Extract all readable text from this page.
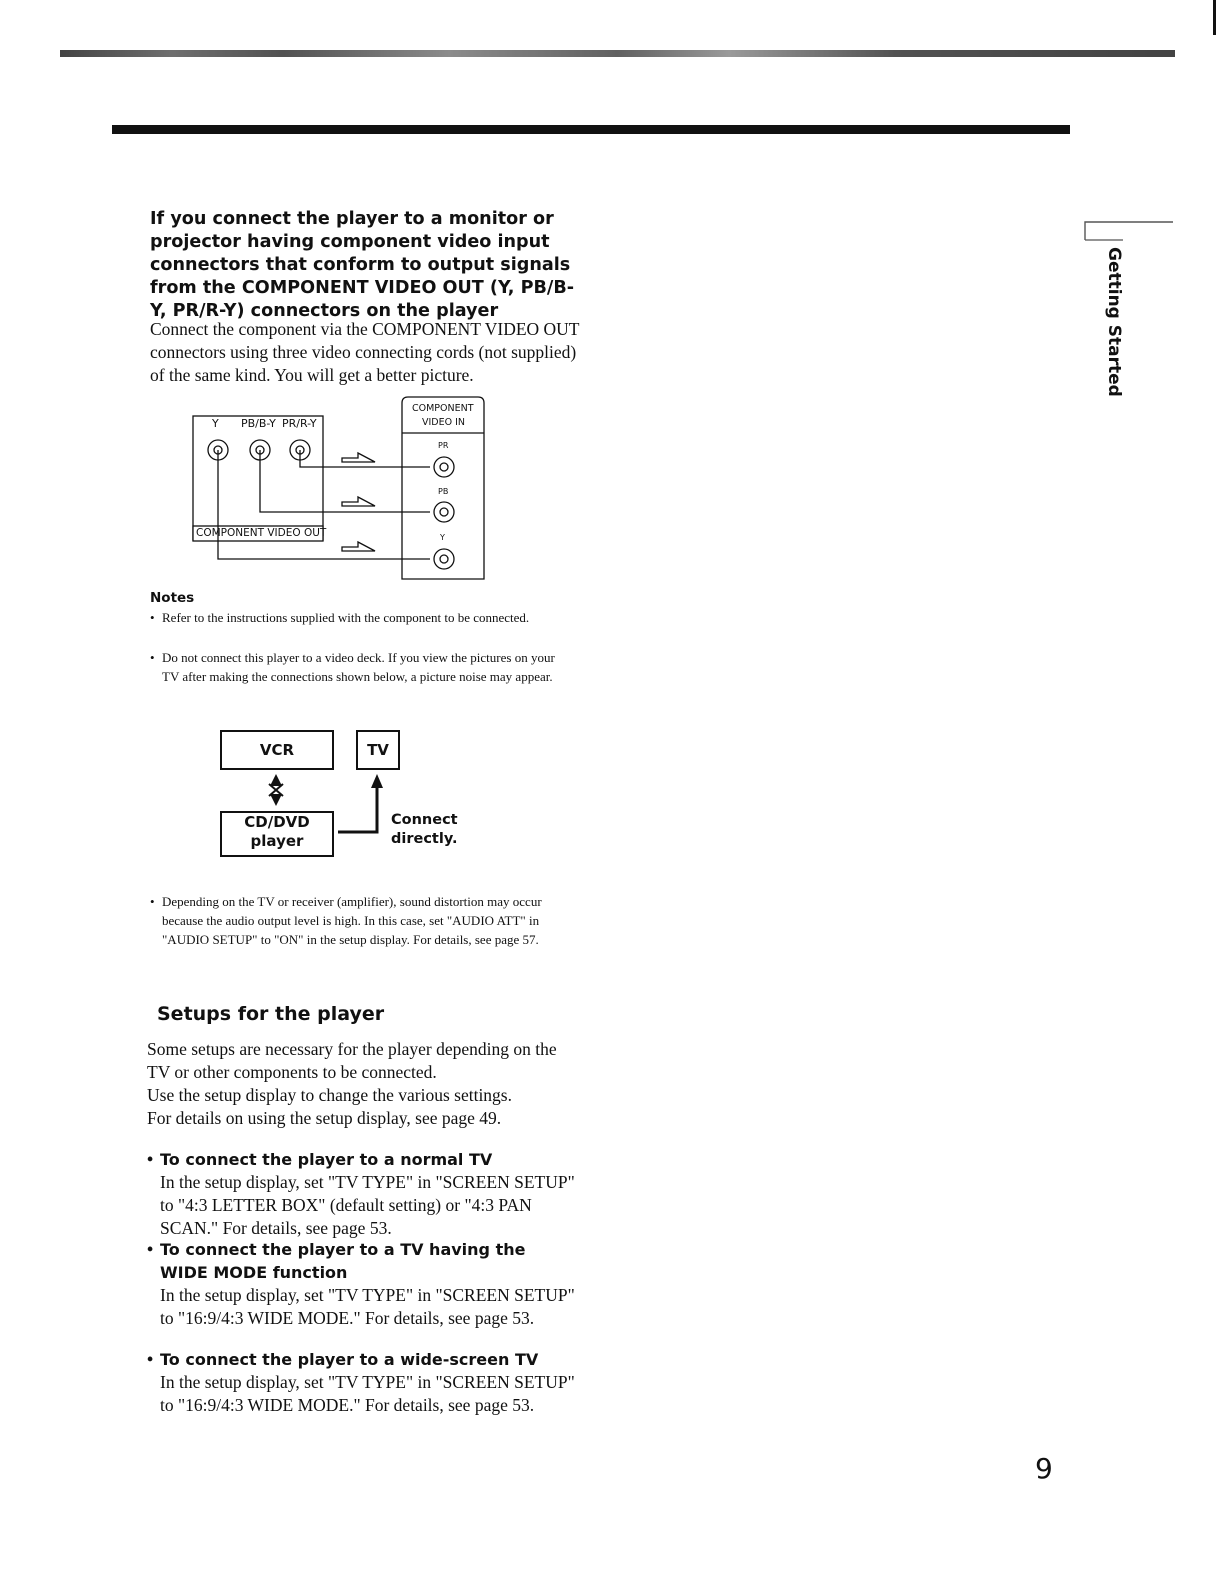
Getting Started
If you connect the player to a monitor or projector having component video input connectors that conform to output signals from the COMPONENT VIDEO OUT (Y, PB/B-Y, PR/R-Y) connectors on the player
Connect the component via the COMPONENT VIDEO OUT connectors using three video connecting cords (not supplied) of the same kind. You will get a better picture.
Y PB/B-Y PR/R-Y
COMPONENT VIDEO OUT
COMPONENT
VIDEO IN
PR
PB
Y
Notes
• Refer to the instructions supplied with the component to be connected.
• Do not connect this player to a video deck. If you view the pictures on your TV after making the connections shown below, a picture noise may appear.
VCR	TV
CD/DVD
player
Connect
directly.
• Depending on the TV or receiver (amplifier), sound distortion may occur because the audio output level is high. In this case, set "AUDIO ATT" in "AUDIO SETUP" to "ON" in the setup display. For details, see page 57.
Setups for the player
Some setups are necessary for the player depending on the TV or other components to be connected.
Use the setup display to change the various settings.
For details on using the setup display, see page 49.
• To connect the player to a normal TV
In the setup display, set "TV TYPE" in "SCREEN SETUP" to "4:3 LETTER BOX" (default setting) or "4:3 PAN SCAN." For details, see page 53.
• To connect the player to a TV having the WIDE MODE function
In the setup display, set "TV TYPE" in "SCREEN SETUP" to "16:9/4:3 WIDE MODE." For details, see page 53.
• To connect the player to a wide-screen TV
In the setup display, set "TV TYPE" in "SCREEN SETUP" to "16:9/4:3 WIDE MODE." For details, see page 53.
9
